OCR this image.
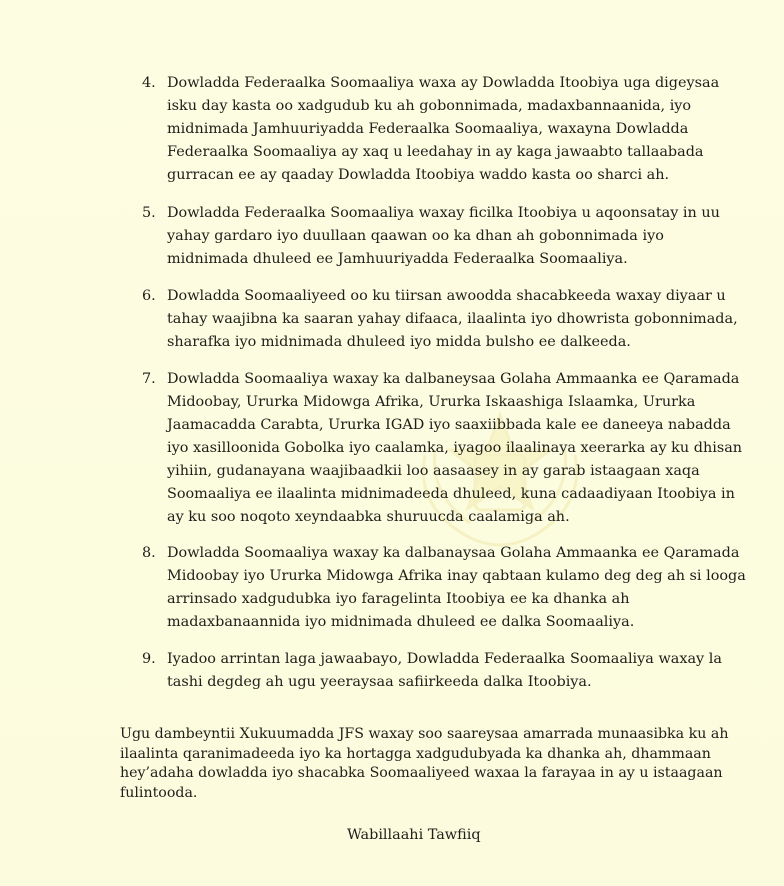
4. Dowladda Federaalka Soomaaliya waxa ay Dowladda Itoobiya uga digeysaa
isku day kasta oo xadgudub ku ah gobonnimada, madaxbannaanida, iyo
midnimada Jamhuuriyadda Federaalka Soomaaliya, waxayna Dowladda
Federaalka Soomaaliya ay xaq u leedahay in ay kaga jawaabto tallaabada
gurracan ee ay qaaday Dowladda Itoobiya waddo kasta oo sharci ah.
5. Dowladda Federaalka Soomaaliya waxay ficilka Itoobiya u aqoonsatay in uu
yahay gardaro iyo duullaan qaawan oo ka dhan ah gobonnimada iyo
midnimada dhuleed ee Jamhuuriyadda Federaalka Soomaaliya.
6. Dowladda Soomaaliyeed oo ku tiirsan awoodda shacabkeeda waxay diyaar u
tahay waajibna ka saaran yahay difaaca, ilaalinta iyo dhowrista gobonnimada,
sharafka iyo midnimada dhuleed iyo midda bulsho ee dalkeeda.
7. Dowladda Soomaaliya waxay ka dalbaneysaa Golaha Ammaanka ee Qaramada
Midoobay, Ururka Midowga Afrika, Ururka Iskaashiga Islaamka, Ururka
Jaamacadda Carabta, Ururka IGAD iyo saaxiibbada kale ee daneeya nabadda
iyo xasilloonida Gobolka iyo caalamka, iyagoo ilaalinaya xeerarka ay ku dhisan
yihiin, gudanayana waajibaadkii loo aasaasey in ay garab istaagaan xaqa
Soomaaliya ee ilaalinta midnimadeeda dhuleed, kuna cadaadiyaan Itoobiya in
ay ku soo noqoto xeyndaabka shuruucda caalamiga ah.
8. Dowladda Soomaaliya waxay ka dalbanaysaa Golaha Ammaanka ee Qaramada
Midoobay iyo Ururka Midowga Afrika inay qabtaan kulamo deg deg ah si looga
arrinsado xadgudubka iyo faragelinta Itoobiya ee ka dhanka ah
madaxbanaannida iyo midnimada dhuleed ee dalka Soomaaliya.
9. Iyadoo arrintan laga jawaabayo, Dowladda Federaalka Soomaaliya waxay la
tashi degdeg ah ugu yeeraysaa safiirkeeda dalka Itoobiya.
Ugu dambeyntii Xukuumadda JFS waxay soo saareysaa amarrada munaasibka ku ah
ilaalinta qaranimadeeda iyo ka hortagga xadgudubyada ka dhanka ah, dhammaan
hey’adaha dowladda iyo shacabka Soomaaliyeed waxaa la farayaa in ay u istaagaan
fulintooda.
Wabillaahi Tawfiiq
